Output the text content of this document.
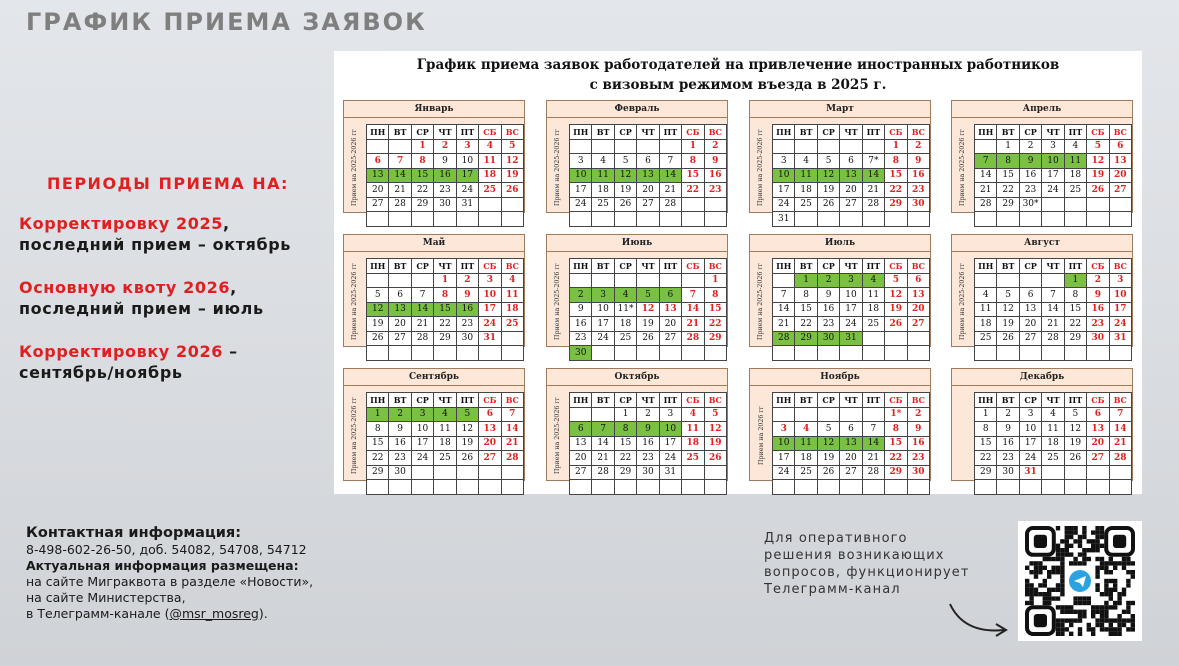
ГРАФИК ПРИЕМА ЗАЯВОК
ПЕРИОДЫ ПРИЕМА НА:
Корректировку 2025,
последний прием – октябрь
Основную квоту 2026,
последний прием – июль
Корректировку 2026 –
сентябрь/ноябрь
График приема заявок работодателей на привлечение иностранных работников
с визовым режимом въезда в 2025 г.
Январь
Прием на 2025-2026 гг ПН	ВТ	СР	ЧТ	ПТ	СБ	ВС
		1	2	3	4	5
6	7	8	9	10	11	12
13	14	15	16	17	18	19
20	21	22	23	24	25	26
27	28	29	30	31		

Февраль
Прием на 2025-2026 гг ПН	ВТ	СР	ЧТ	ПТ	СБ	ВС
					1	2
3	4	5	6	7	8	9
10	11	12	13	14	15	16
17	18	19	20	21	22	23
24	25	26	27	28		

Март
Прием на 2025-2026 гг ПН	ВТ	СР	ЧТ	ПТ	СБ	ВС
					1	2
3	4	5	6	7*	8	9
10	11	12	13	14	15	16
17	18	19	20	21	22	23
24	25	26	27	28	29	30
31						
Апрель
Прием на 2025-2026 гг ПН	ВТ	СР	ЧТ	ПТ	СБ	ВС
	1	2	3	4	5	6
7	8	9	10	11	12	13
14	15	16	17	18	19	20
21	22	23	24	25	26	27
28	29	30*				

Май
Прием на 2025-2026 гг ПН	ВТ	СР	ЧТ	ПТ	СБ	ВС
			1	2	3	4
5	6	7	8	9	10	11
12	13	14	15	16	17	18
19	20	21	22	23	24	25
26	27	28	29	30	31	

Июнь
Прием на 2025-2026 гг ПН	ВТ	СР	ЧТ	ПТ	СБ	ВС
						1
2	3	4	5	6	7	8
9	10	11*	12	13	14	15
16	17	18	19	20	21	22
23	24	25	26	27	28	29
30						
Июль
Прием на 2025-2026 гг ПН	ВТ	СР	ЧТ	ПТ	СБ	ВС
	1	2	3	4	5	6
7	8	9	10	11	12	13
14	15	16	17	18	19	20
21	22	23	24	25	26	27
28	29	30	31			

Август
Прием на 2025-2026 гг ПН	ВТ	СР	ЧТ	ПТ	СБ	ВС
				1	2	3
4	5	6	7	8	9	10
11	12	13	14	15	16	17
18	19	20	21	22	23	24
25	26	27	28	29	30	31

Сентябрь
Прием на 2025-2026 гг ПН	ВТ	СР	ЧТ	ПТ	СБ	ВС
1	2	3	4	5	6	7
8	9	10	11	12	13	14
15	16	17	18	19	20	21
22	23	24	25	26	27	28
29	30					

Октябрь
Прием на 2025-2026 гг ПН	ВТ	СР	ЧТ	ПТ	СБ	ВС
		1	2	3	4	5
6	7	8	9	10	11	12
13	14	15	16	17	18	19
20	21	22	23	24	25	26
27	28	29	30	31		

Ноябрь
Прием на 2026 гг
ПН	ВТ	СР	ЧТ	ПТ	СБ	ВС
					1*	2
3	4	5	6	7	8	9
10	11	12	13	14	15	16
17	18	19	20	21	22	23
24	25	26	27	28	29	30

Декабрь
ПН	ВТ	СР	ЧТ	ПТ	СБ	ВС
1	2	3	4	5	6	7
8	9	10	11	12	13	14
15	16	17	18	19	20	21
22	23	24	25	26	27	28
29	30	31				

Контактная информация:
8-498-602-26-50, доб. 54082, 54708, 54712
Актуальная информация размещена:
на сайте Миграквота в разделе «Новости»,
на сайте Министерства,
в Телеграмм-канале (@msr_mosreg).
Для оперативного
решения возникающих
вопросов, функционирует
Телеграмм-канал
